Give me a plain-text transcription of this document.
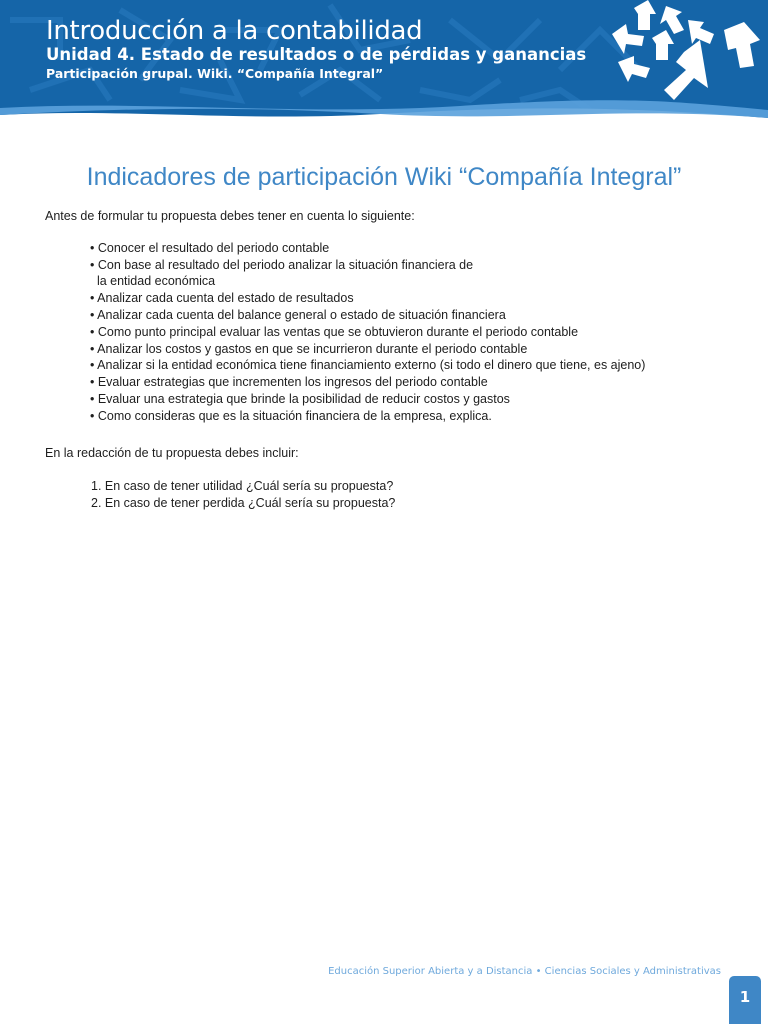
Introducción a la contabilidad
Unidad 4. Estado de resultados o de pérdidas y ganancias
Participación grupal. Wiki. “Compañía Integral”
Indicadores de participación Wiki “Compañía Integral”

Antes de formular tu propuesta debes tener en cuenta lo siguiente:

• Conocer el resultado del periodo contable
• Con base al resultado del periodo analizar la situación financiera de
la entidad económica
• Analizar cada cuenta del estado de resultados
• Analizar cada cuenta del balance general o estado de situación financiera
• Como punto principal evaluar las ventas que se obtuvieron durante el periodo contable
• Analizar los costos y gastos en que se incurrieron durante el periodo contable
• Analizar si la entidad económica tiene financiamiento externo (si todo el dinero que tiene, es ajeno)
• Evaluar estrategias que incrementen los ingresos del periodo contable
• Evaluar una estrategia que brinde la posibilidad de reducir costos y gastos
• Como consideras que es la situación financiera de la empresa, explica.

En la redacción de tu propuesta debes incluir:

1. En caso de tener utilidad ¿Cuál sería su propuesta?
2. En caso de tener perdida ¿Cuál sería su propuesta?
Educación Superior Abierta y a Distancia • Ciencias Sociales y Administrativas
1
